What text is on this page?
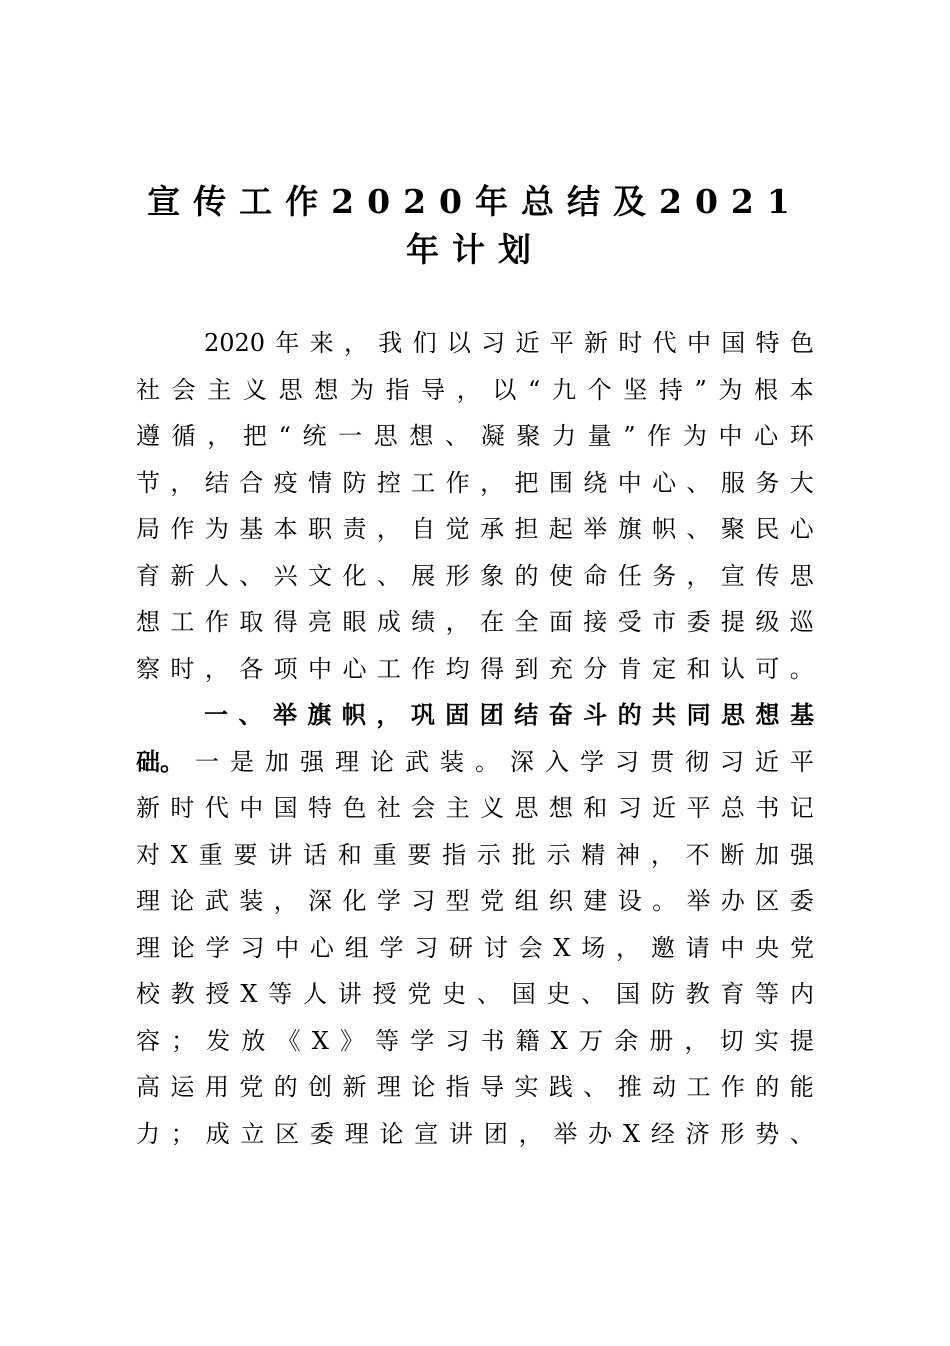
宣传工作2020年总结及2021年计划
2020 年 来 ， 我 们 以 习 近 平 新 时 代 中 国 特 色
社 会 主 义 思 想 为 指 导 ， 以 “ 九 个 坚 持 ” 为 根 本
遵 循 ， 把 “ 统 一 思 想 、 凝 聚 力 量 ” 作 为 中 心 环
节 ， 结 合 疫 情 防 控 工 作 ， 把 围 绕 中 心 、 服 务 大
局 作 为 基 本 职 责 ， 自 觉 承 担 起 举 旗 帜 、 聚 民 心
育 新 人 、 兴 文 化 、 展 形 象 的 使 命 任 务 ， 宣 传 思
想 工 作 取 得 亮 眼 成 绩 ， 在 全 面 接 受 市 委 提 级 巡
察 时 ， 各 项 中 心 工 作 均 得 到 充 分 肯 定 和 认 可 。
一 、 举 旗 帜 ， 巩 固 团 结 奋 斗 的 共 同 思 想 基
础。 一 是 加 强 理 论 武 装 。 深 入 学 习 贯 彻 习 近 平
新 时 代 中 国 特 色 社 会 主 义 思 想 和 习 近 平 总 书 记
对 X 重 要 讲 话 和 重 要 指 示 批 示 精 神 ， 不 断 加 强
理 论 武 装 ， 深 化 学 习 型 党 组 织 建 设 。 举 办 区 委
理 论 学 习 中 心 组 学 习 研 讨 会 X 场 ， 邀 请 中 央 党
校 教 授 X 等 人 讲 授 党 史 、 国 史 、 国 防 教 育 等 内
容 ； 发 放 《 X 》 等 学 习 书 籍 X 万 余 册 ， 切 实 提
高 运 用 党 的 创 新 理 论 指 导 实 践 、 推 动 工 作 的 能
力 ； 成 立 区 委 理 论 宣 讲 团 ， 举 办 X 经 济 形 势 、
